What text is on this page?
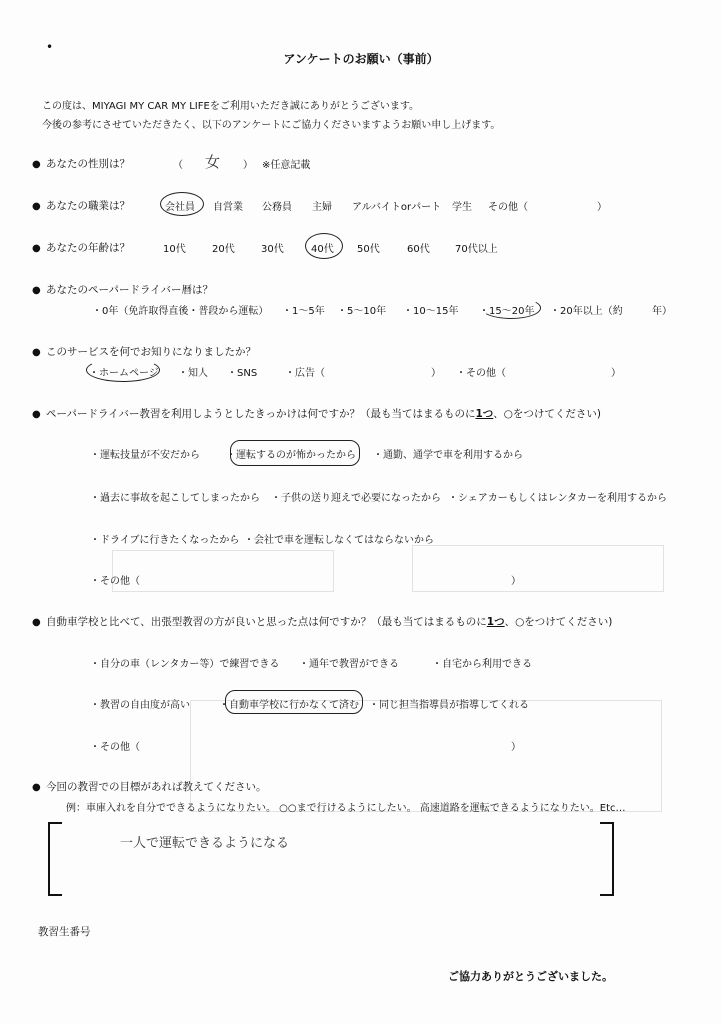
•
アンケートのお願い（事前）
この度は、MIYAGI MY CAR MY LIFEをご利用いただき誠にありがとうございます。
今後の参考にさせていただきたく、以下のアンケートにご協力くださいますようお願い申し上げます。
● あなたの性別は？	（ 女 ） ※任意記載
● あなたの職業は？	会社員 自営業 公務員 主婦 アルバイトorパート 学生 その他（	）
● あなたの年齢は？	10代	20代	30代	40代 50代	60代	70代以上
● あなたのペーパードライバー暦は？
・0年（免許取得直後・普段から運転） ・1～5年 ・5～10年 ・10～15年 ・15～20年 ・20年以上（約	年）
● このサービスを何でお知りになりましたか？
・ホームページ ・知人 ・SNS	・広告（	） ・その他（	）
● ペーパードライバー教習を利用しようとしたきっかけは何ですか？（最も当てはまるものに1つ、○をつけてください)
・運転技量が不安だから	・運転するのが怖かったから ・通勤、通学で車を利用するから
・過去に事故を起こしてしまったから ・子供の送り迎えで必要になったから ・シェアカーもしくはレンタカーを利用するから
・ドライブに行きたくなったから ・会社で車を運転しなくてはならないから
・その他（	）
● 自動車学校と比べて、出張型教習の方が良いと思った点は何ですか？（最も当てはまるものに1つ、○をつけてください)
・自分の車（レンタカー等）で練習できる ・通年で教習ができる	・自宅から利用できる
・教習の自由度が高い	・自動車学校に行かなくて済む ・同じ担当指導員が指導してくれる
・その他（	）
● 今回の教習での目標があれば教えてください。
例：車庫入れを自分でできるようになりたい。 ○○まで行けるようにしたい。 高速道路を運転できるようになりたい。Etc…
一人で運転できるようになる
教習生番号
ご協力ありがとうございました。
